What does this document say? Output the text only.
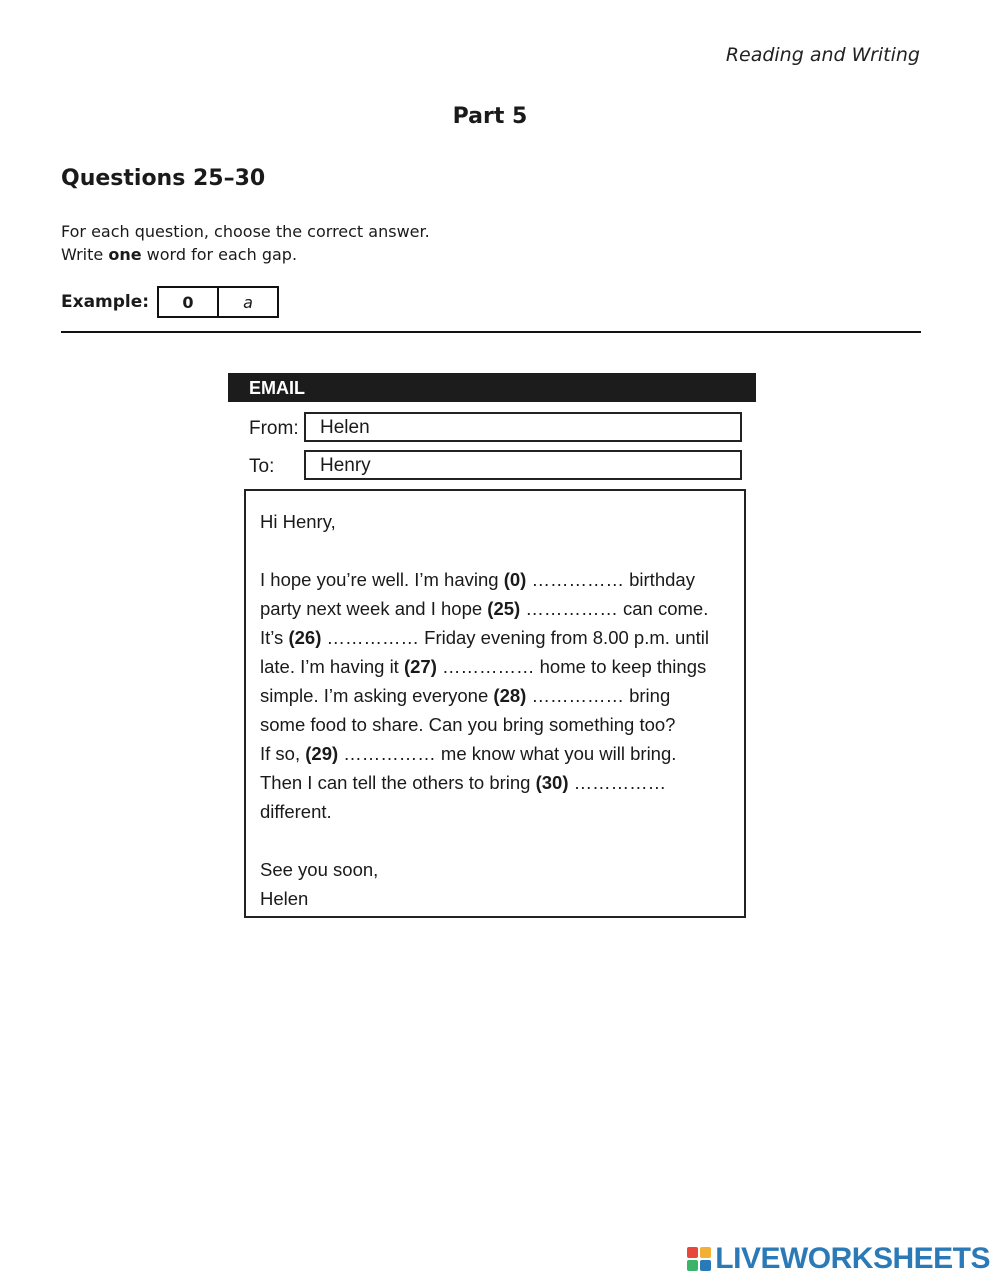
Reading and Writing
Part 5
Questions 25–30
For each question, choose the correct answer.
Write one word for each gap.
Example:	0	a
EMAIL
From:	Helen
To:	Henry
Hi Henry,
I hope you’re well. I’m having (0) …………… birthday
party next week and I hope (25) …………… can come.
It’s (26) …………… Friday evening from 8.00 p.m. until
late. I’m having it (27) …………… home to keep things
simple. I’m asking everyone (28) …………… bring
some food to share. Can you bring something too?
If so, (29) …………… me know what you will bring.
Then I can tell the others to bring (30) ……………
different.
See you soon,
Helen
LIVEWORKSHEETS
